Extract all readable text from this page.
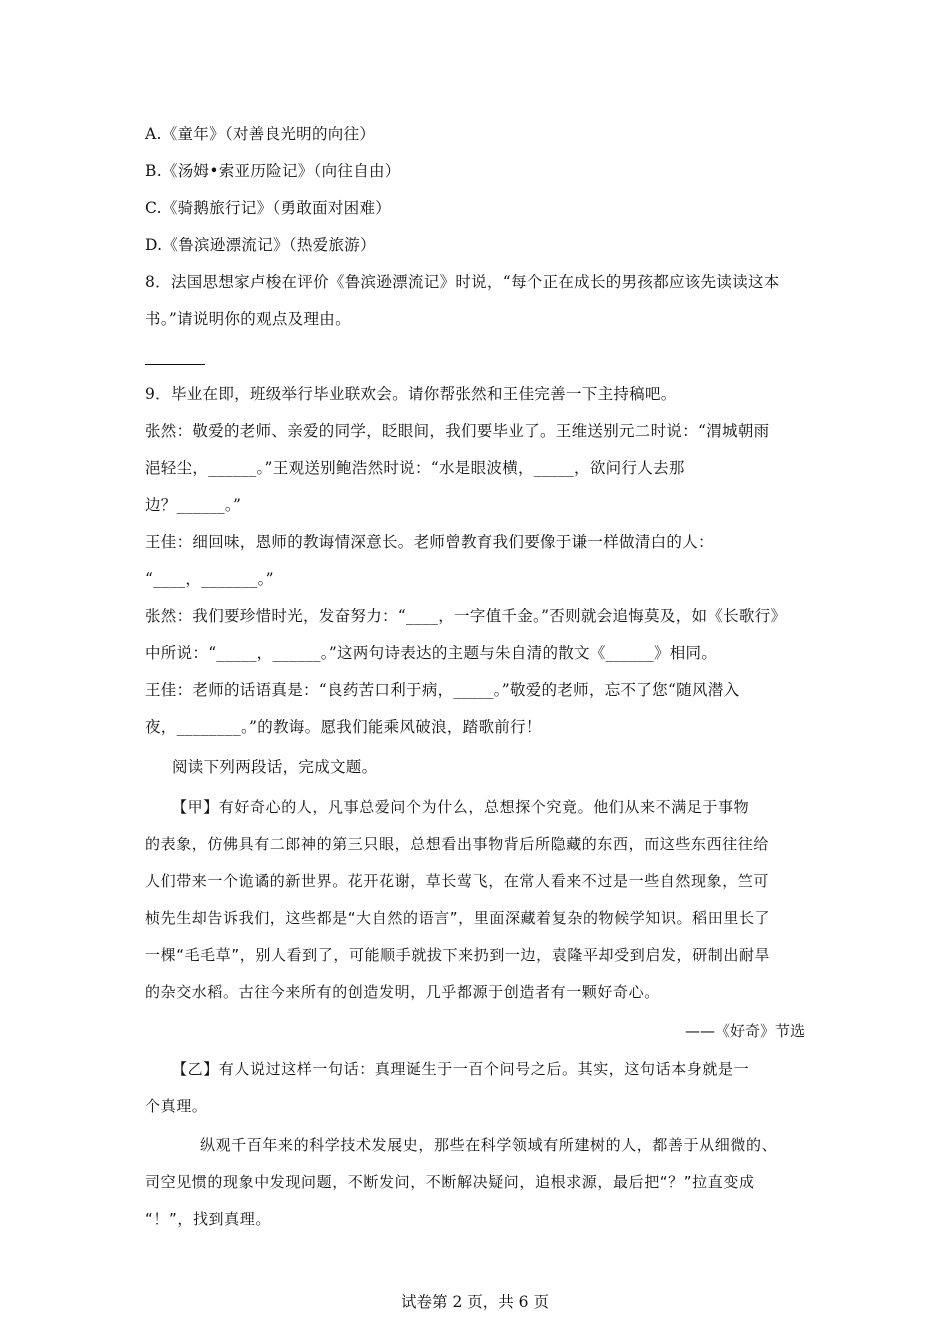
A.《童年》（对善良光明的向往）
B.《汤姆•索亚历险记》（向往自由）
C.《骑鹅旅行记》（勇敢面对困难）
D.《鲁滨逊漂流记》（热爱旅游）
8．法国思想家卢梭在评价《鲁滨逊漂流记》时说，“每个正在成长的男孩都应该先读读这本
书。”请说明你的观点及理由。
9．毕业在即，班级举行毕业联欢会。请你帮张然和王佳完善一下主持稿吧。
张然：敬爱的老师、亲爱的同学，眨眼间，我们要毕业了。王维送别元二时说：“渭城朝雨
浥轻尘，______。”王观送别鲍浩然时说：“水是眼波横，_____，欲问行人去那
边？______。”
王佳：细回味，恩师的教诲情深意长。老师曾教育我们要像于谦一样做清白的人：
“____，_______。”
张然：我们要珍惜时光，发奋努力：“____，一字值千金。”否则就会追悔莫及，如《长歌行》
中所说：“_____，______。”这两句诗表达的主题与朱自清的散文《______》相同。
王佳：老师的话语真是：“良药苦口利于病，_____。”敬爱的老师，忘不了您“随风潜入
夜，________。”的教诲。愿我们能乘风破浪，踏歌前行！
阅读下列两段话，完成文题。
【甲】有好奇心的人，凡事总爱问个为什么，总想探个究竟。他们从来不满足于事物
的表象，仿佛具有二郎神的第三只眼，总想看出事物背后所隐藏的东西，而这些东西往往给
人们带来一个诡谲的新世界。花开花谢，草长莺飞，在常人看来不过是一些自然现象，竺可
桢先生却告诉我们，这些都是“大自然的语言”，里面深藏着复杂的物候学知识。稻田里长了
一棵“毛毛草”，别人看到了，可能顺手就拔下来扔到一边，袁隆平却受到启发，研制出耐旱
的杂交水稻。古往今来所有的创造发明，几乎都源于创造者有一颗好奇心。
——《好奇》节选
【乙】有人说过这样一句话：真理诞生于一百个问号之后。其实，这句话本身就是一
个真理。
纵观千百年来的科学技术发展史，那些在科学领域有所建树的人，都善于从细微的、
司空见惯的现象中发现问题，不断发问，不断解决疑问，追根求源，最后把“？”拉直变成
“！”，找到真理。
试卷第 2 页，共 6 页
